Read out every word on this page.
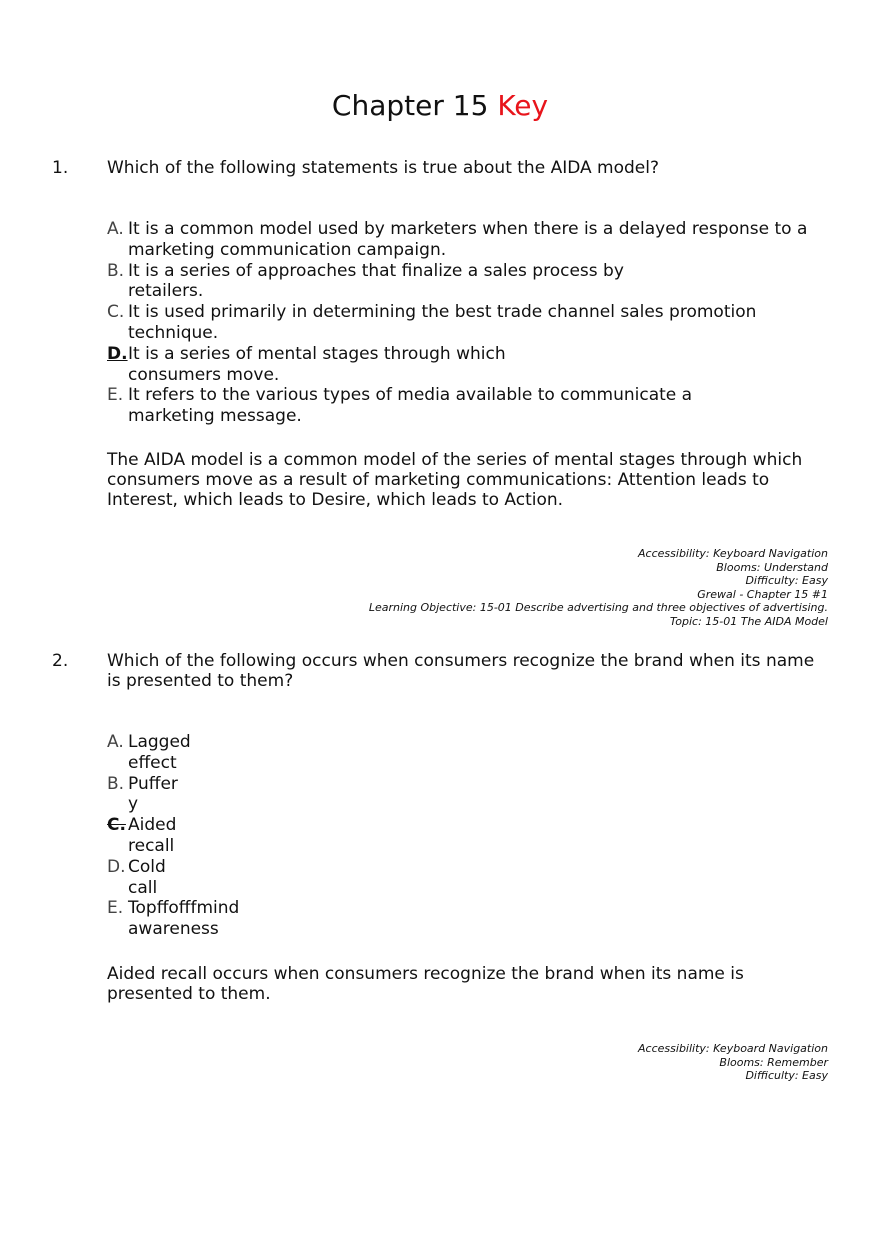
Chapter 15 Key
1. Which of the following statements is true about the AIDA model?
A. It is a common model used by marketers when there is a delayed response to a
marketing communication campaign.
B. It is a series of approaches that finalize a sales process by
retailers.
C. It is used primarily in determining the best trade channel sales promotion
technique.
D. It is a series of mental stages through which
consumers move.
E. It refers to the various types of media available to communicate a
marketing message.
The AIDA model is a common model of the series of mental stages through which consumers move as a result of marketing communications: Attention leads to Interest, which leads to Desire, which leads to Action.
Accessibility: Keyboard Navigation
Blooms: Understand
Difficulty: Easy
Grewal - Chapter 15 #1
Learning Objective: 15-01 Describe advertising and three objectives of advertising.
Topic: 15-01 The AIDA Model
2. Which of the following occurs when consumers recognize the brand when its name is presented to them?
A. Lagged
effect
B. Puffer
y
C. Aided
recall
D. Cold
call
E. Topffofffmind
awareness
Aided recall occurs when consumers recognize the brand when its name is presented to them.
Accessibility: Keyboard Navigation
Blooms: Remember
Difficulty: Easy
